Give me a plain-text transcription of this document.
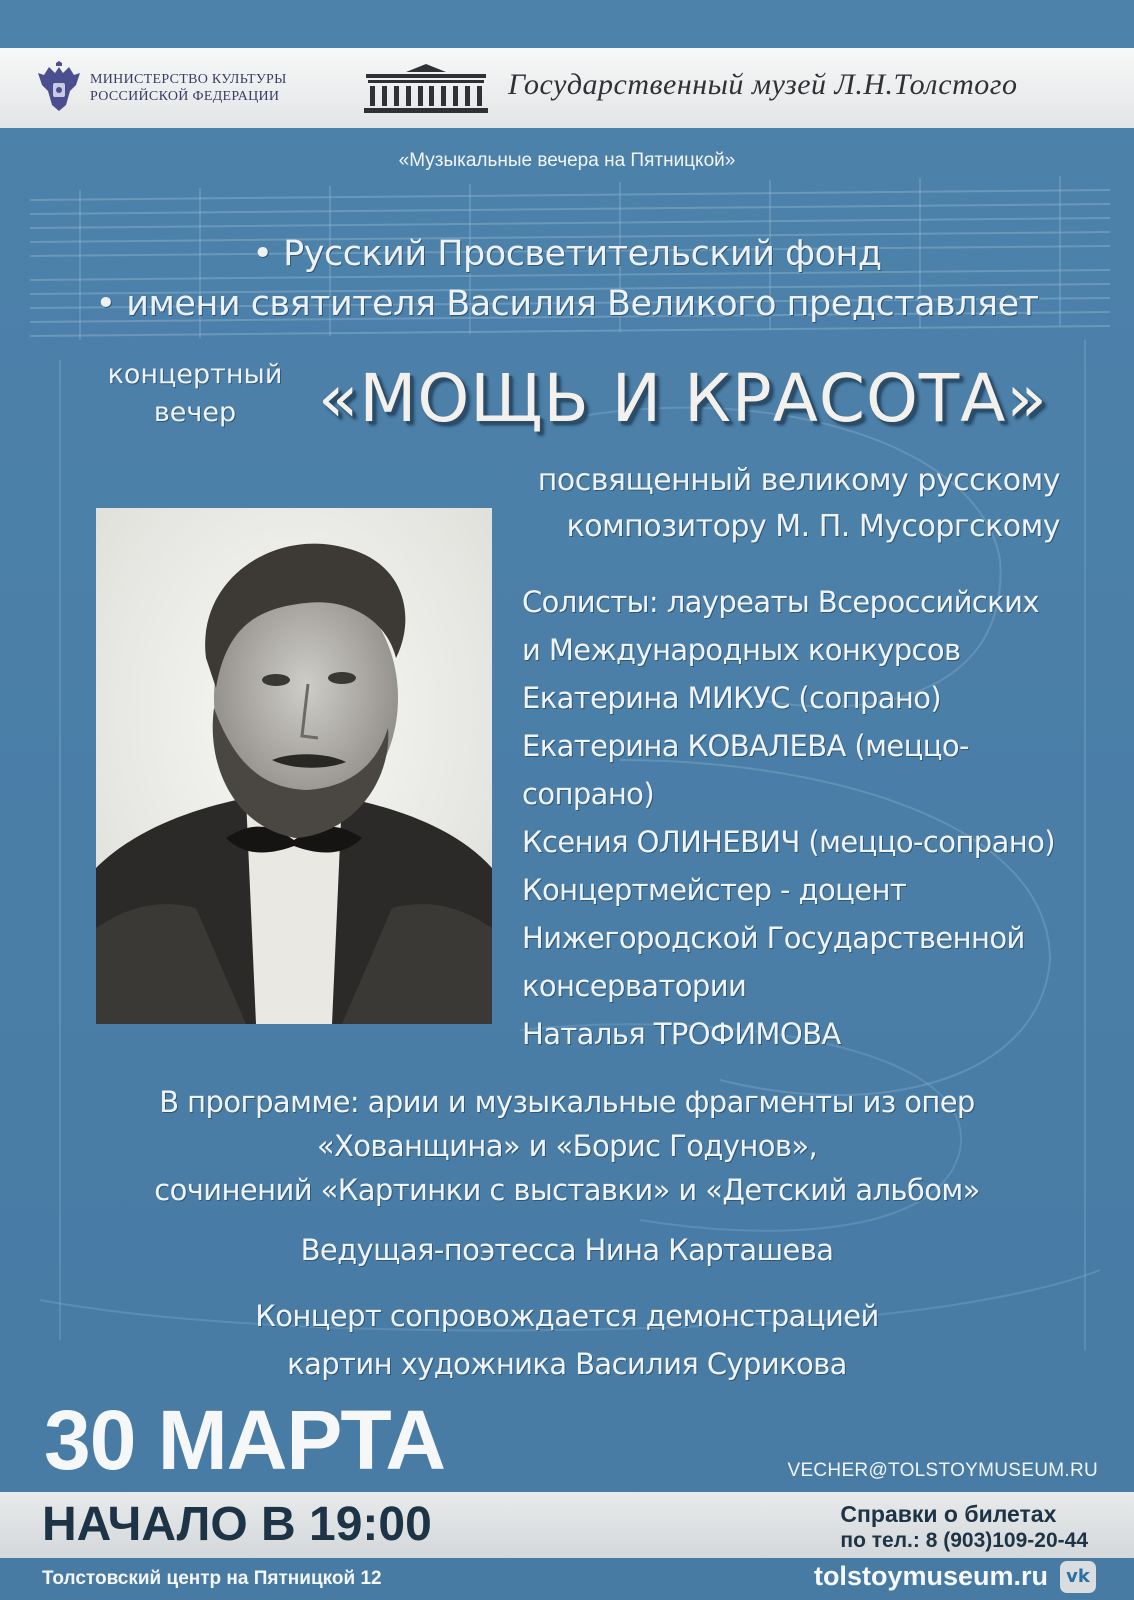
МИНИСТЕРСТВО КУЛЬТУРЫ
РОССИЙСКОЙ ФЕДЕРАЦИИ	Государственный музей Л.Н.Толстого
«Музыкальные вечера на Пятницкой»
• Русский Просветительский фонд
• имени святителя Василия Великого представляет
концертный
вечер	«МОЩЬ И КРАСОТА»
посвященный великому русскому
композитору М. П. Мусоргскому
Солисты: лауреаты Всероссийских
и Международных конкурсов
Екатерина МИКУС (сопрано)
Екатерина КОВАЛЕВА (меццо-
сопрано)
Ксения ОЛИНЕВИЧ (меццо-сопрано)
Концертмейстер - доцент
Нижегородской Государственной
консерватории
Наталья ТРОФИМОВА
В программе: арии и музыкальные фрагменты из опер
«Хованщина» и «Борис Годунов»,
сочинений «Картинки с выставки» и «Детский альбом»
Ведущая-поэтесса Нина Карташева
Концерт сопровождается демонстрацией
картин художника Василия Сурикова
30 МАРТА	VECHER@TOLSTOYMUSEUM.RU
НАЧАЛО В 19:00	Справки о билетах
по тел.: 8 (903)109-20-44
Толстовский центр на Пятницкой 12	tolstoymuseum.ru	vk
